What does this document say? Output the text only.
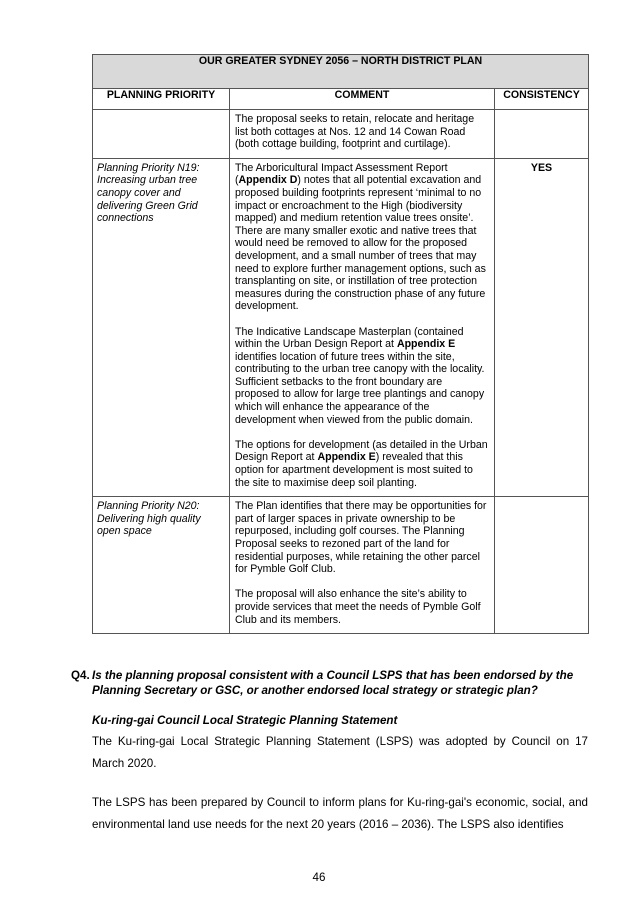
OUR GREATER SYDNEY 2056 – NORTH DISTRICT PLAN		
PLANNING PRIORITY	COMMENT	CONSISTENCY

	The proposal seeks to retain, relocate and heritage list both cottages at Nos. 12 and 14 Cowan Road (both cottage building, footprint and curtilage).	

Planning Priority N19: Increasing urban tree canopy cover and delivering Green Grid connections	The Arboricultural Impact Assessment Report (Appendix D) notes that all potential excavation and proposed building footprints represent ‘minimal to no impact or encroachment to the High (biodiversity mapped) and medium retention value trees onsite’. There are many smaller exotic and native trees that would need be removed to allow for the proposed development, and a small number of trees that may need to explore further management options, such as transplanting on site, or instillation of tree protection measures during the construction phase of any future development.

The Indicative Landscape Masterplan (contained within the Urban Design Report at Appendix E identifies location of future trees within the site, contributing to the urban tree canopy with the locality. Sufficient setbacks to the front boundary are proposed to allow for large tree plantings and canopy which will enhance the appearance of the development when viewed from the public domain.

The options for development (as detailed in the Urban Design Report at Appendix E) revealed that this option for apartment development is most suited to the site to maximise deep soil planting.	YES
Planning Priority N20: Delivering high quality open space	The Plan identifies that there may be opportunities for part of larger spaces in private ownership to be repurposed, including golf courses. The Planning Proposal seeks to rezoned part of the land for residential purposes, while retaining the other parcel for Pymble Golf Club.

The proposal will also enhance the site’s ability to provide services that meet the needs of Pymble Golf Club and its members.	

Q4. Is the planning proposal consistent with a Council LSPS that has been endorsed by the Planning Secretary or GSC, or another endorsed local strategy or strategic plan?
Ku-ring-gai Council Local Strategic Planning Statement
The Ku-ring-gai Local Strategic Planning Statement (LSPS) was adopted by Council on 17 March 2020.
The LSPS has been prepared by Council to inform plans for Ku-ring-gai's economic, social, and environmental land use needs for the next 20 years (2016 – 2036). The LSPS also identifies
46
